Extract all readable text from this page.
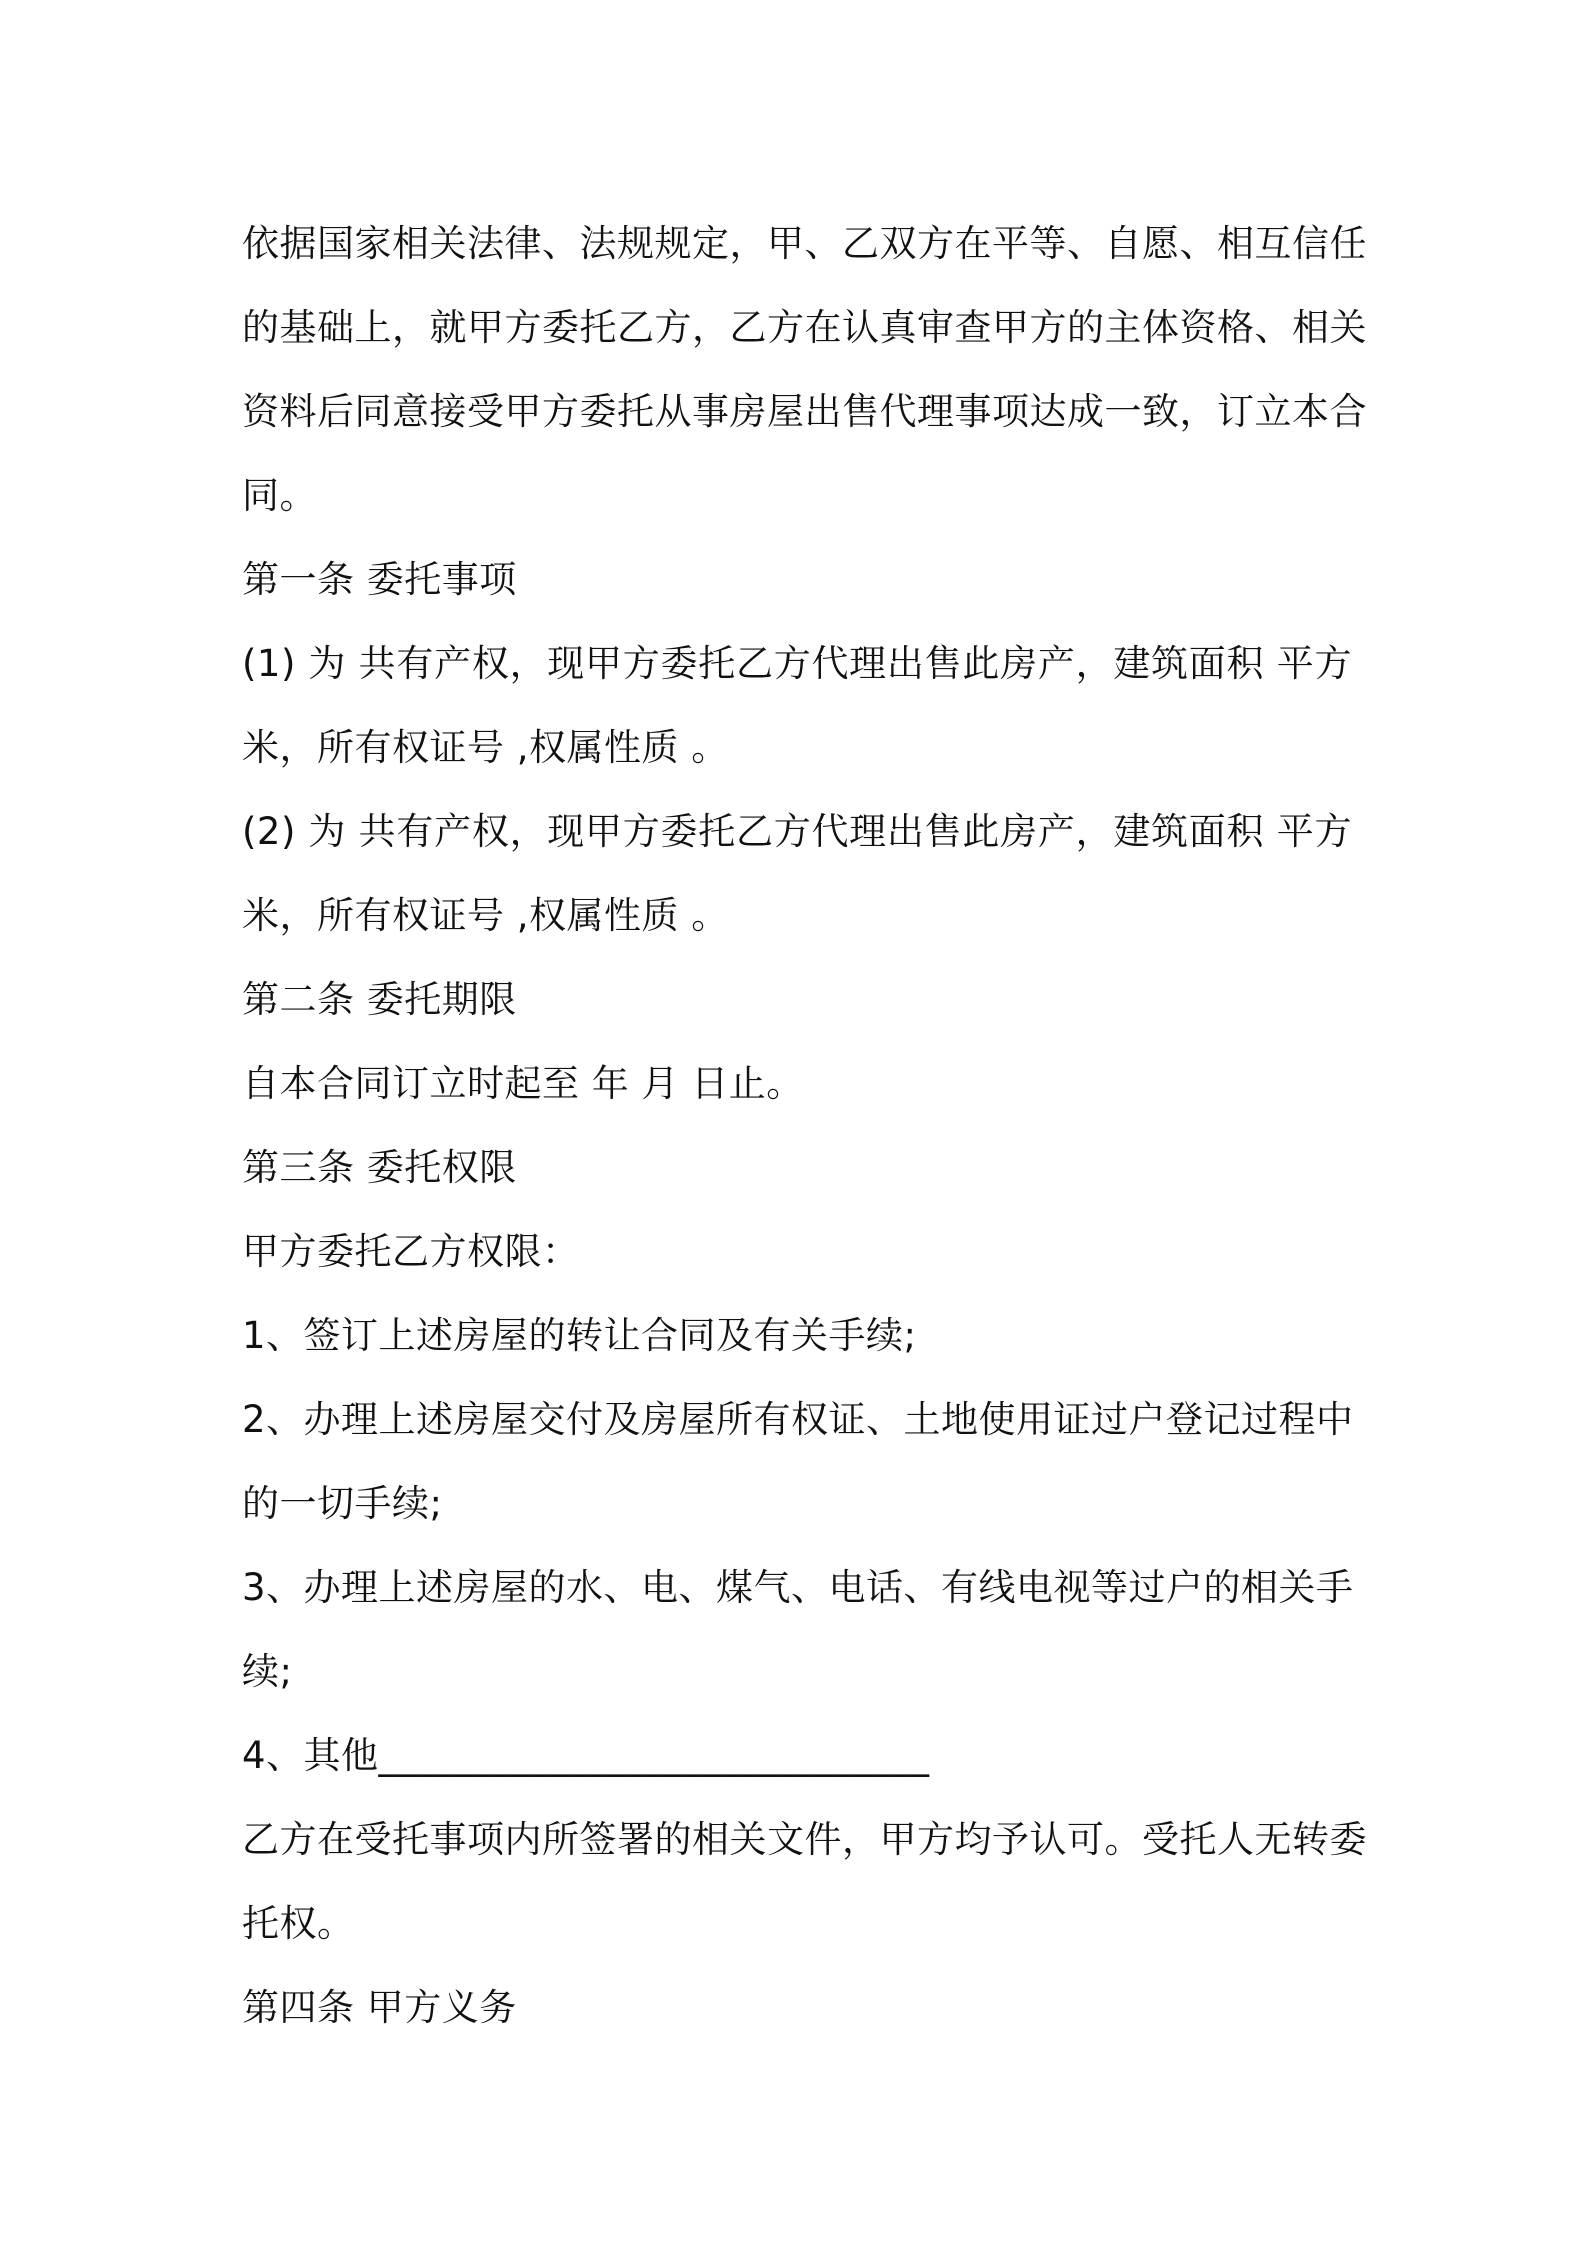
依据国家相关法律、法规规定，甲、乙双方在平等、自愿、相互信任
的基础上，就甲方委托乙方，乙方在认真审查甲方的主体资格、相关
资料后同意接受甲方委托从事房屋出售代理事项达成一致，订立本合
同。
第一条 委托事项
(1) 为 共有产权，现甲方委托乙方代理出售此房产，建筑面积 平方
米，所有权证号 ,权属性质 。
(2) 为 共有产权，现甲方委托乙方代理出售此房产，建筑面积 平方
米，所有权证号 ,权属性质 。
第二条 委托期限
自本合同订立时起至 年 月 日止。
第三条 委托权限
甲方委托乙方权限：
1、签订上述房屋的转让合同及有关手续;
2、办理上述房屋交付及房屋所有权证、土地使用证过户登记过程中
的一切手续;
3、办理上述房屋的水、电、煤气、电话、有线电视等过户的相关手
续;
4、其他_____________________________
乙方在受托事项内所签署的相关文件，甲方均予认可。受托人无转委
托权。
第四条 甲方义务
